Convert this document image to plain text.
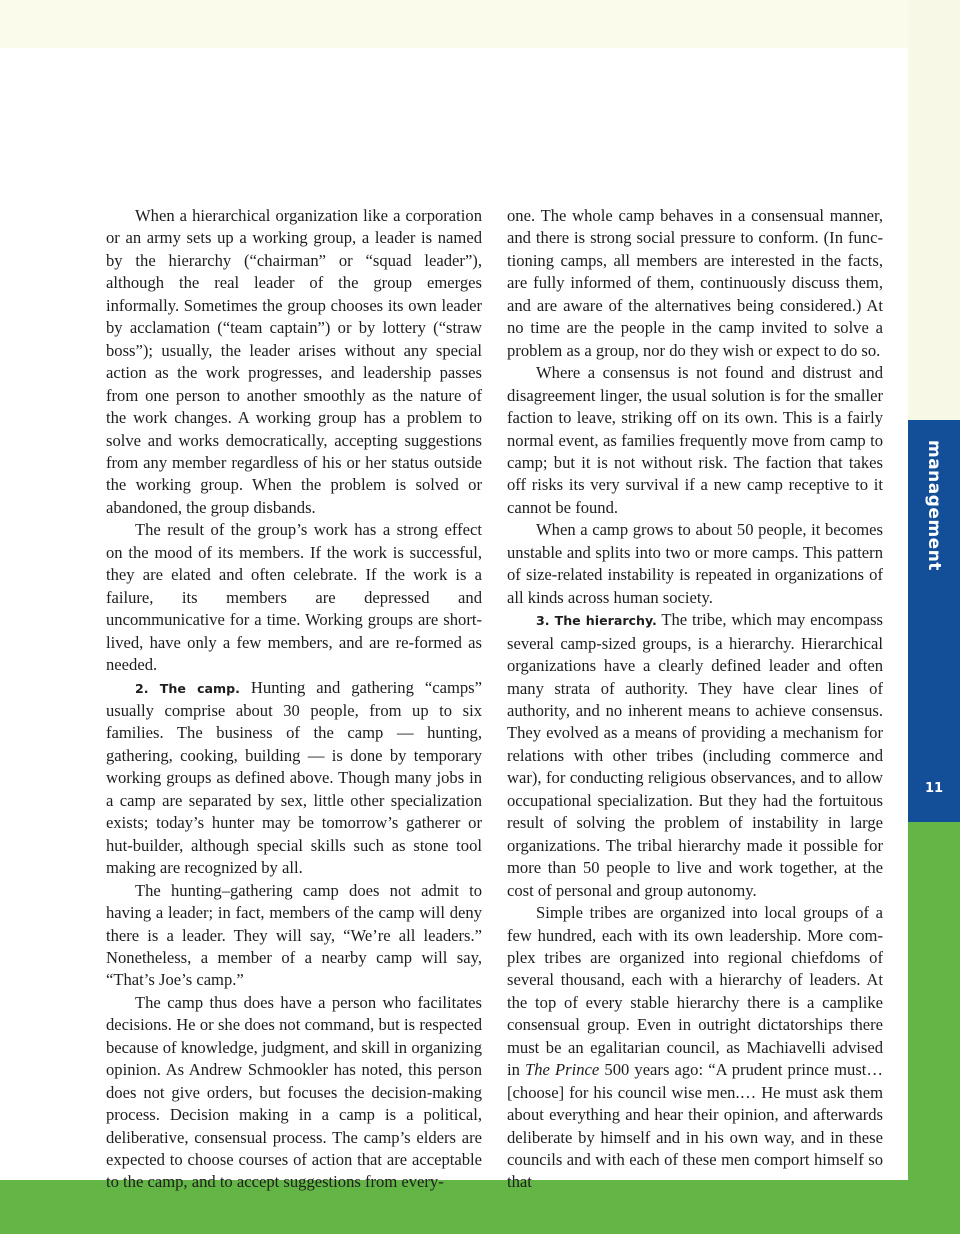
management
11

When a hierarchical organization like a corporation or an army sets up a working group, a leader is named by the hierarchy (“chairman” or “squad leader”), although the real leader of the group emerges informally. Sometimes the group chooses its own leader by acclamation (“team captain”) or by lottery (“straw boss”); usually, the leader arises without any special action as the work progresses, and leadership passes from one person to another smoothly as the nature of the work changes. A working group has a problem to solve and works democratically, accepting suggestions from any member regardless of his or her status outside the working group. When the problem is solved or abandoned, the group disbands.

The result of the group’s work has a strong effect on the mood of its members. If the work is successful, they are elated and often celebrate. If the work is a failure, its members are depressed and uncommunicative for a time. Working groups are short-lived, have only a few members, and are re-formed as needed.

2. The camp. Hunting and gathering “camps” usually comprise about 30 people, from up to six families. The business of the camp — hunting, gathering, cooking, building — is done by temporary working groups as defined above. Though many jobs in a camp are separated by sex, little other specialization exists; today’s hunter may be tomorrow’s gatherer or hut-builder, although special skills such as stone tool making are recognized by all.

The hunting–gathering camp does not admit to having a leader; in fact, members of the camp will deny there is a leader. They will say, “We’re all leaders.” Nonetheless, a member of a nearby camp will say, “That’s Joe’s camp.”

The camp thus does have a person who facilitates decisions. He or she does not command, but is respected because of knowledge, judgment, and skill in organizing opinion. As Andrew Schmookler has noted, this person does not give orders, but focuses the decision-making process. Decision making in a camp is a political, deliberative, consensual process. The camp’s elders are expected to choose courses of action that are acceptable to the camp, and to accept suggestions from every-

one. The whole camp behaves in a consensual manner, and there is strong social pressure to conform. (In functioning camps, all members are interested in the facts, are fully informed of them, continuously discuss them, and are aware of the alternatives being considered.) At no time are the people in the camp invited to solve a problem as a group, nor do they wish or expect to do so.

Where a consensus is not found and distrust and disagreement linger, the usual solution is for the smaller faction to leave, striking off on its own. This is a fairly normal event, as families frequently move from camp to camp; but it is not without risk. The faction that takes off risks its very survival if a new camp receptive to it cannot be found.

When a camp grows to about 50 people, it becomes unstable and splits into two or more camps. This pattern of size-related instability is repeated in organizations of all kinds across human society.

3. The hierarchy. The tribe, which may encompass several camp-sized groups, is a hierarchy. Hierarchical organizations have a clearly defined leader and often many strata of authority. They have clear lines of authority, and no inherent means to achieve consensus. They evolved as a means of providing a mechanism for relations with other tribes (including commerce and war), for conducting religious observances, and to allow occupational specialization. But they had the fortuitous result of solving the problem of instability in large organizations. The tribal hierarchy made it possible for more than 50 people to live and work together, at the cost of personal and group autonomy.

Simple tribes are organized into local groups of a few hundred, each with its own leadership. More complex tribes are organized into regional chiefdoms of several thousand, each with a hierarchy of leaders. At the top of every stable hierarchy there is a camplike consensual group. Even in outright dictatorships there must be an egalitarian council, as Machiavelli advised in The Prince 500 years ago: “A prudent prince must…[choose] for his council wise men.… He must ask them about everything and hear their opinion, and afterwards deliberate by himself and in his own way, and in these councils and with each of these men comport himself so that
